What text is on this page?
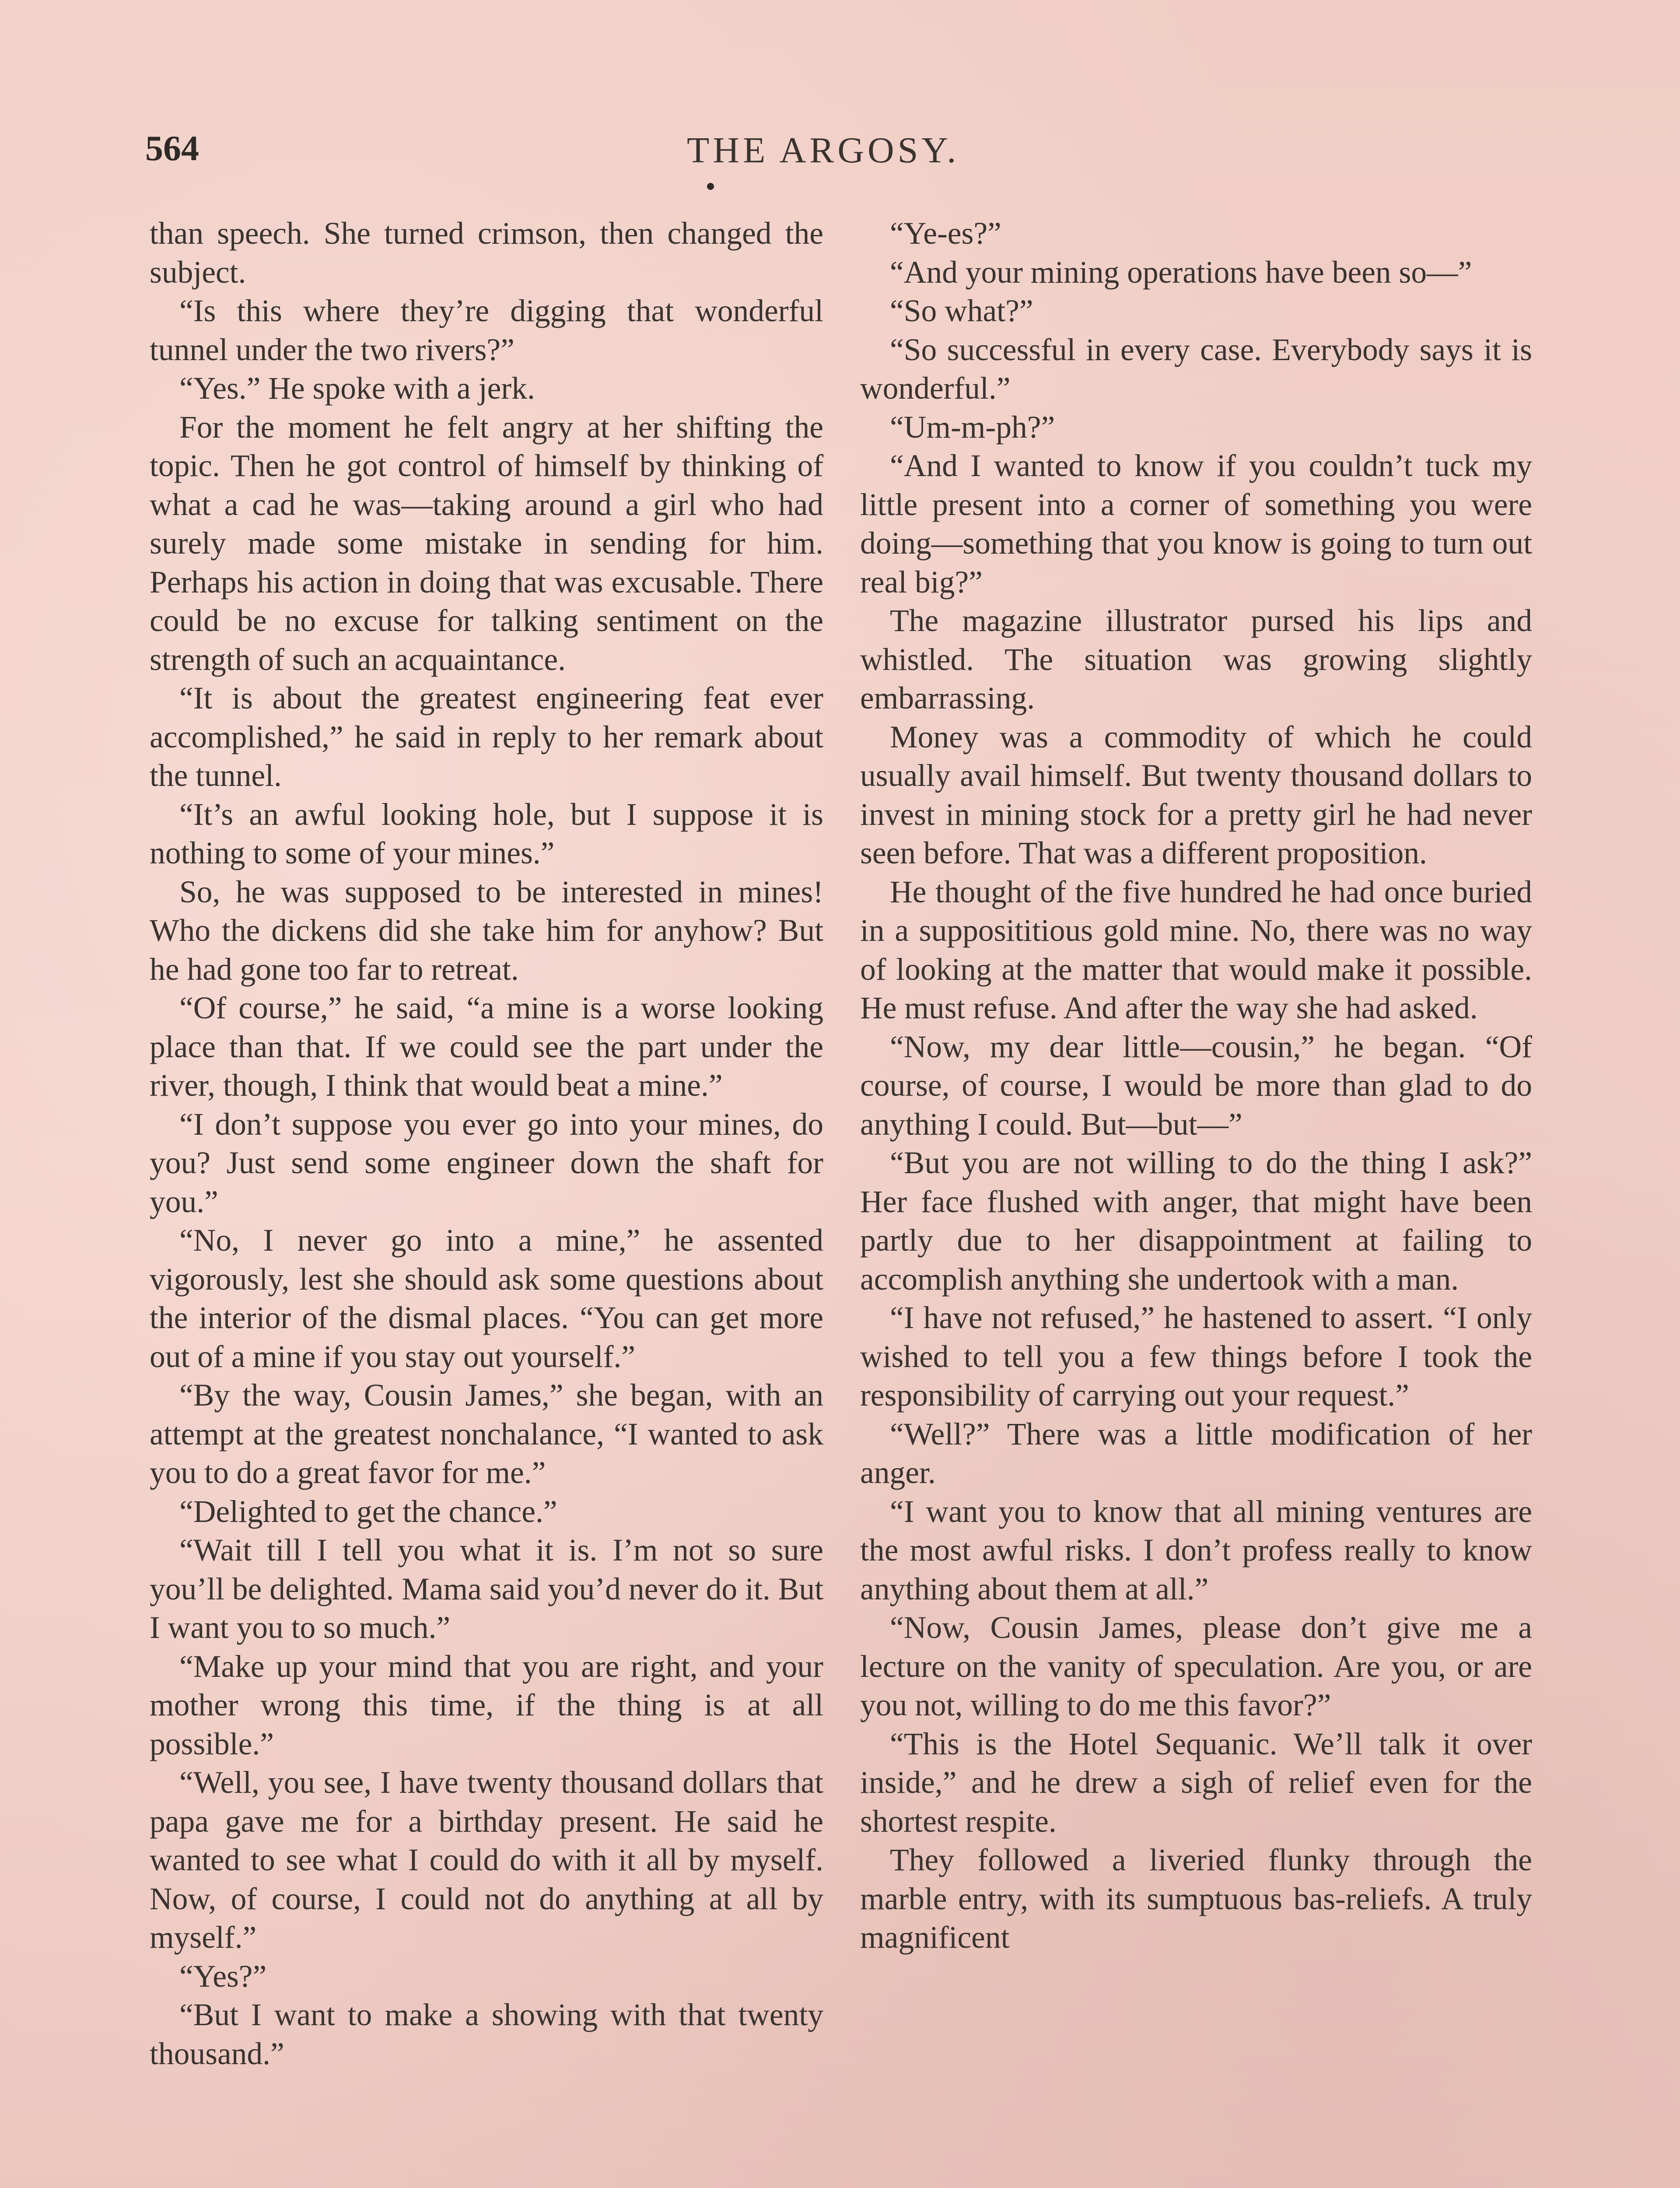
564	THE ARGOSY.

than speech. She turned crimson, then changed the subject.

“Is this where they’re digging that wonderful tunnel under the two rivers?”

“Yes.” He spoke with a jerk.

For the moment he felt angry at her shifting the topic. Then he got control of himself by thinking of what a cad he was—taking around a girl who had surely made some mistake in sending for him. Perhaps his action in doing that was excusable. There could be no excuse for talking sentiment on the strength of such an acquaintance.

“It is about the greatest engineering feat ever accomplished,” he said in reply to her remark about the tunnel.

“It’s an awful looking hole, but I suppose it is nothing to some of your mines.”

So, he was supposed to be interested in mines! Who the dickens did she take him for anyhow? But he had gone too far to retreat.

“Of course,” he said, “a mine is a worse looking place than that. If we could see the part under the river, though, I think that would beat a mine.”

“I don’t suppose you ever go into your mines, do you? Just send some engineer down the shaft for you.”

“No, I never go into a mine,” he assented vigorously, lest she should ask some questions about the interior of the dismal places. “You can get more out of a mine if you stay out yourself.”

“By the way, Cousin James,” she began, with an attempt at the greatest nonchalance, “I wanted to ask you to do a great favor for me.”

“Delighted to get the chance.”

“Wait till I tell you what it is. I’m not so sure you’ll be delighted. Mama said you’d never do it. But I want you to so much.”

“Make up your mind that you are right, and your mother wrong this time, if the thing is at all possible.”

“Well, you see, I have twenty thousand dollars that papa gave me for a birthday present. He said he wanted to see what I could do with it all by myself. Now, of course, I could not do anything at all by myself.”

“Yes?”

“But I want to make a showing with that twenty thousand.”

“Ye-es?”

“And your mining operations have been so—”

“So what?”

“So successful in every case. Everybody says it is wonderful.”

“Um-m-ph?”

“And I wanted to know if you couldn’t tuck my little present into a corner of something you were doing—something that you know is going to turn out real big?”

The magazine illustrator pursed his lips and whistled. The situation was growing slightly embarrassing.

Money was a commodity of which he could usually avail himself. But twenty thousand dollars to invest in mining stock for a pretty girl he had never seen before. That was a different proposition.

He thought of the five hundred he had once buried in a supposititious gold mine. No, there was no way of looking at the matter that would make it possible. He must refuse. And after the way she had asked.

“Now, my dear little—cousin,” he began. “Of course, of course, I would be more than glad to do anything I could. But—but—”

“But you are not willing to do the thing I ask?” Her face flushed with anger, that might have been partly due to her disappointment at failing to accomplish anything she undertook with a man.

“I have not refused,” he hastened to assert. “I only wished to tell you a few things before I took the responsibility of carrying out your request.”

“Well?” There was a little modification of her anger.

“I want you to know that all mining ventures are the most awful risks. I don’t profess really to know anything about them at all.”

“Now, Cousin James, please don’t give me a lecture on the vanity of speculation. Are you, or are you not, willing to do me this favor?”

“This is the Hotel Sequanic. We’ll talk it over inside,” and he drew a sigh of relief even for the shortest respite.

They followed a liveried flunky through the marble entry, with its sumptuous bas-reliefs. A truly magnificent
